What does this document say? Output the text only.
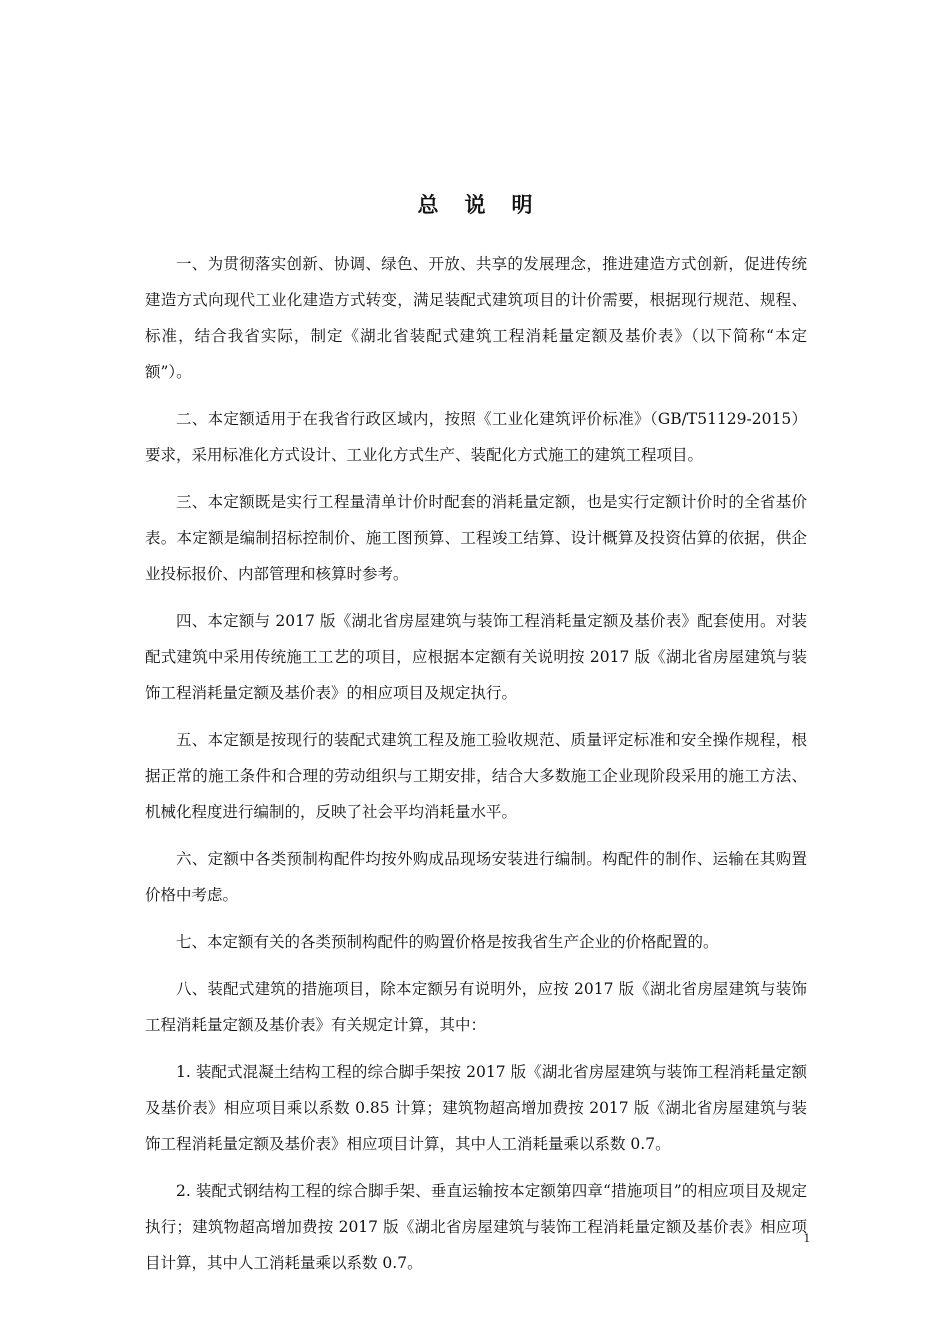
总说明

一、为贯彻落实创新、协调、绿色、开放、共享的发展理念，推进建造方式创新，促进传统建造方式向现代工业化建造方式转变，满足装配式建筑项目的计价需要，根据现行规范、规程、标准，结合我省实际，制定《湖北省装配式建筑工程消耗量定额及基价表》（以下简称“本定额”）。

二、本定额适用于在我省行政区域内，按照《工业化建筑评价标准》（GB/T51129-2015）要求，采用标准化方式设计、工业化方式生产、装配化方式施工的建筑工程项目。

三、本定额既是实行工程量清单计价时配套的消耗量定额，也是实行定额计价时的全省基价表。本定额是编制招标控制价、施工图预算、工程竣工结算、设计概算及投资估算的依据，供企业投标报价、内部管理和核算时参考。

四、本定额与 2017 版《湖北省房屋建筑与装饰工程消耗量定额及基价表》配套使用。对装配式建筑中采用传统施工工艺的项目，应根据本定额有关说明按 2017 版《湖北省房屋建筑与装饰工程消耗量定额及基价表》的相应项目及规定执行。

五、本定额是按现行的装配式建筑工程及施工验收规范、质量评定标准和安全操作规程，根据正常的施工条件和合理的劳动组织与工期安排，结合大多数施工企业现阶段采用的施工方法、机械化程度进行编制的，反映了社会平均消耗量水平。

六、定额中各类预制构配件均按外购成品现场安装进行编制。构配件的制作、运输在其购置价格中考虑。

七、本定额有关的各类预制构配件的购置价格是按我省生产企业的价格配置的。

八、装配式建筑的措施项目，除本定额另有说明外，应按 2017 版《湖北省房屋建筑与装饰工程消耗量定额及基价表》有关规定计算，其中：

1. 装配式混凝土结构工程的综合脚手架按 2017 版《湖北省房屋建筑与装饰工程消耗量定额及基价表》相应项目乘以系数 0.85 计算；建筑物超高增加费按 2017 版《湖北省房屋建筑与装饰工程消耗量定额及基价表》相应项目计算，其中人工消耗量乘以系数 0.7。

2. 装配式钢结构工程的综合脚手架、垂直运输按本定额第四章“措施项目”的相应项目及规定执行；建筑物超高增加费按 2017 版《湖北省房屋建筑与装饰工程消耗量定额及基价表》相应项目计算，其中人工消耗量乘以系数 0.7。

1
